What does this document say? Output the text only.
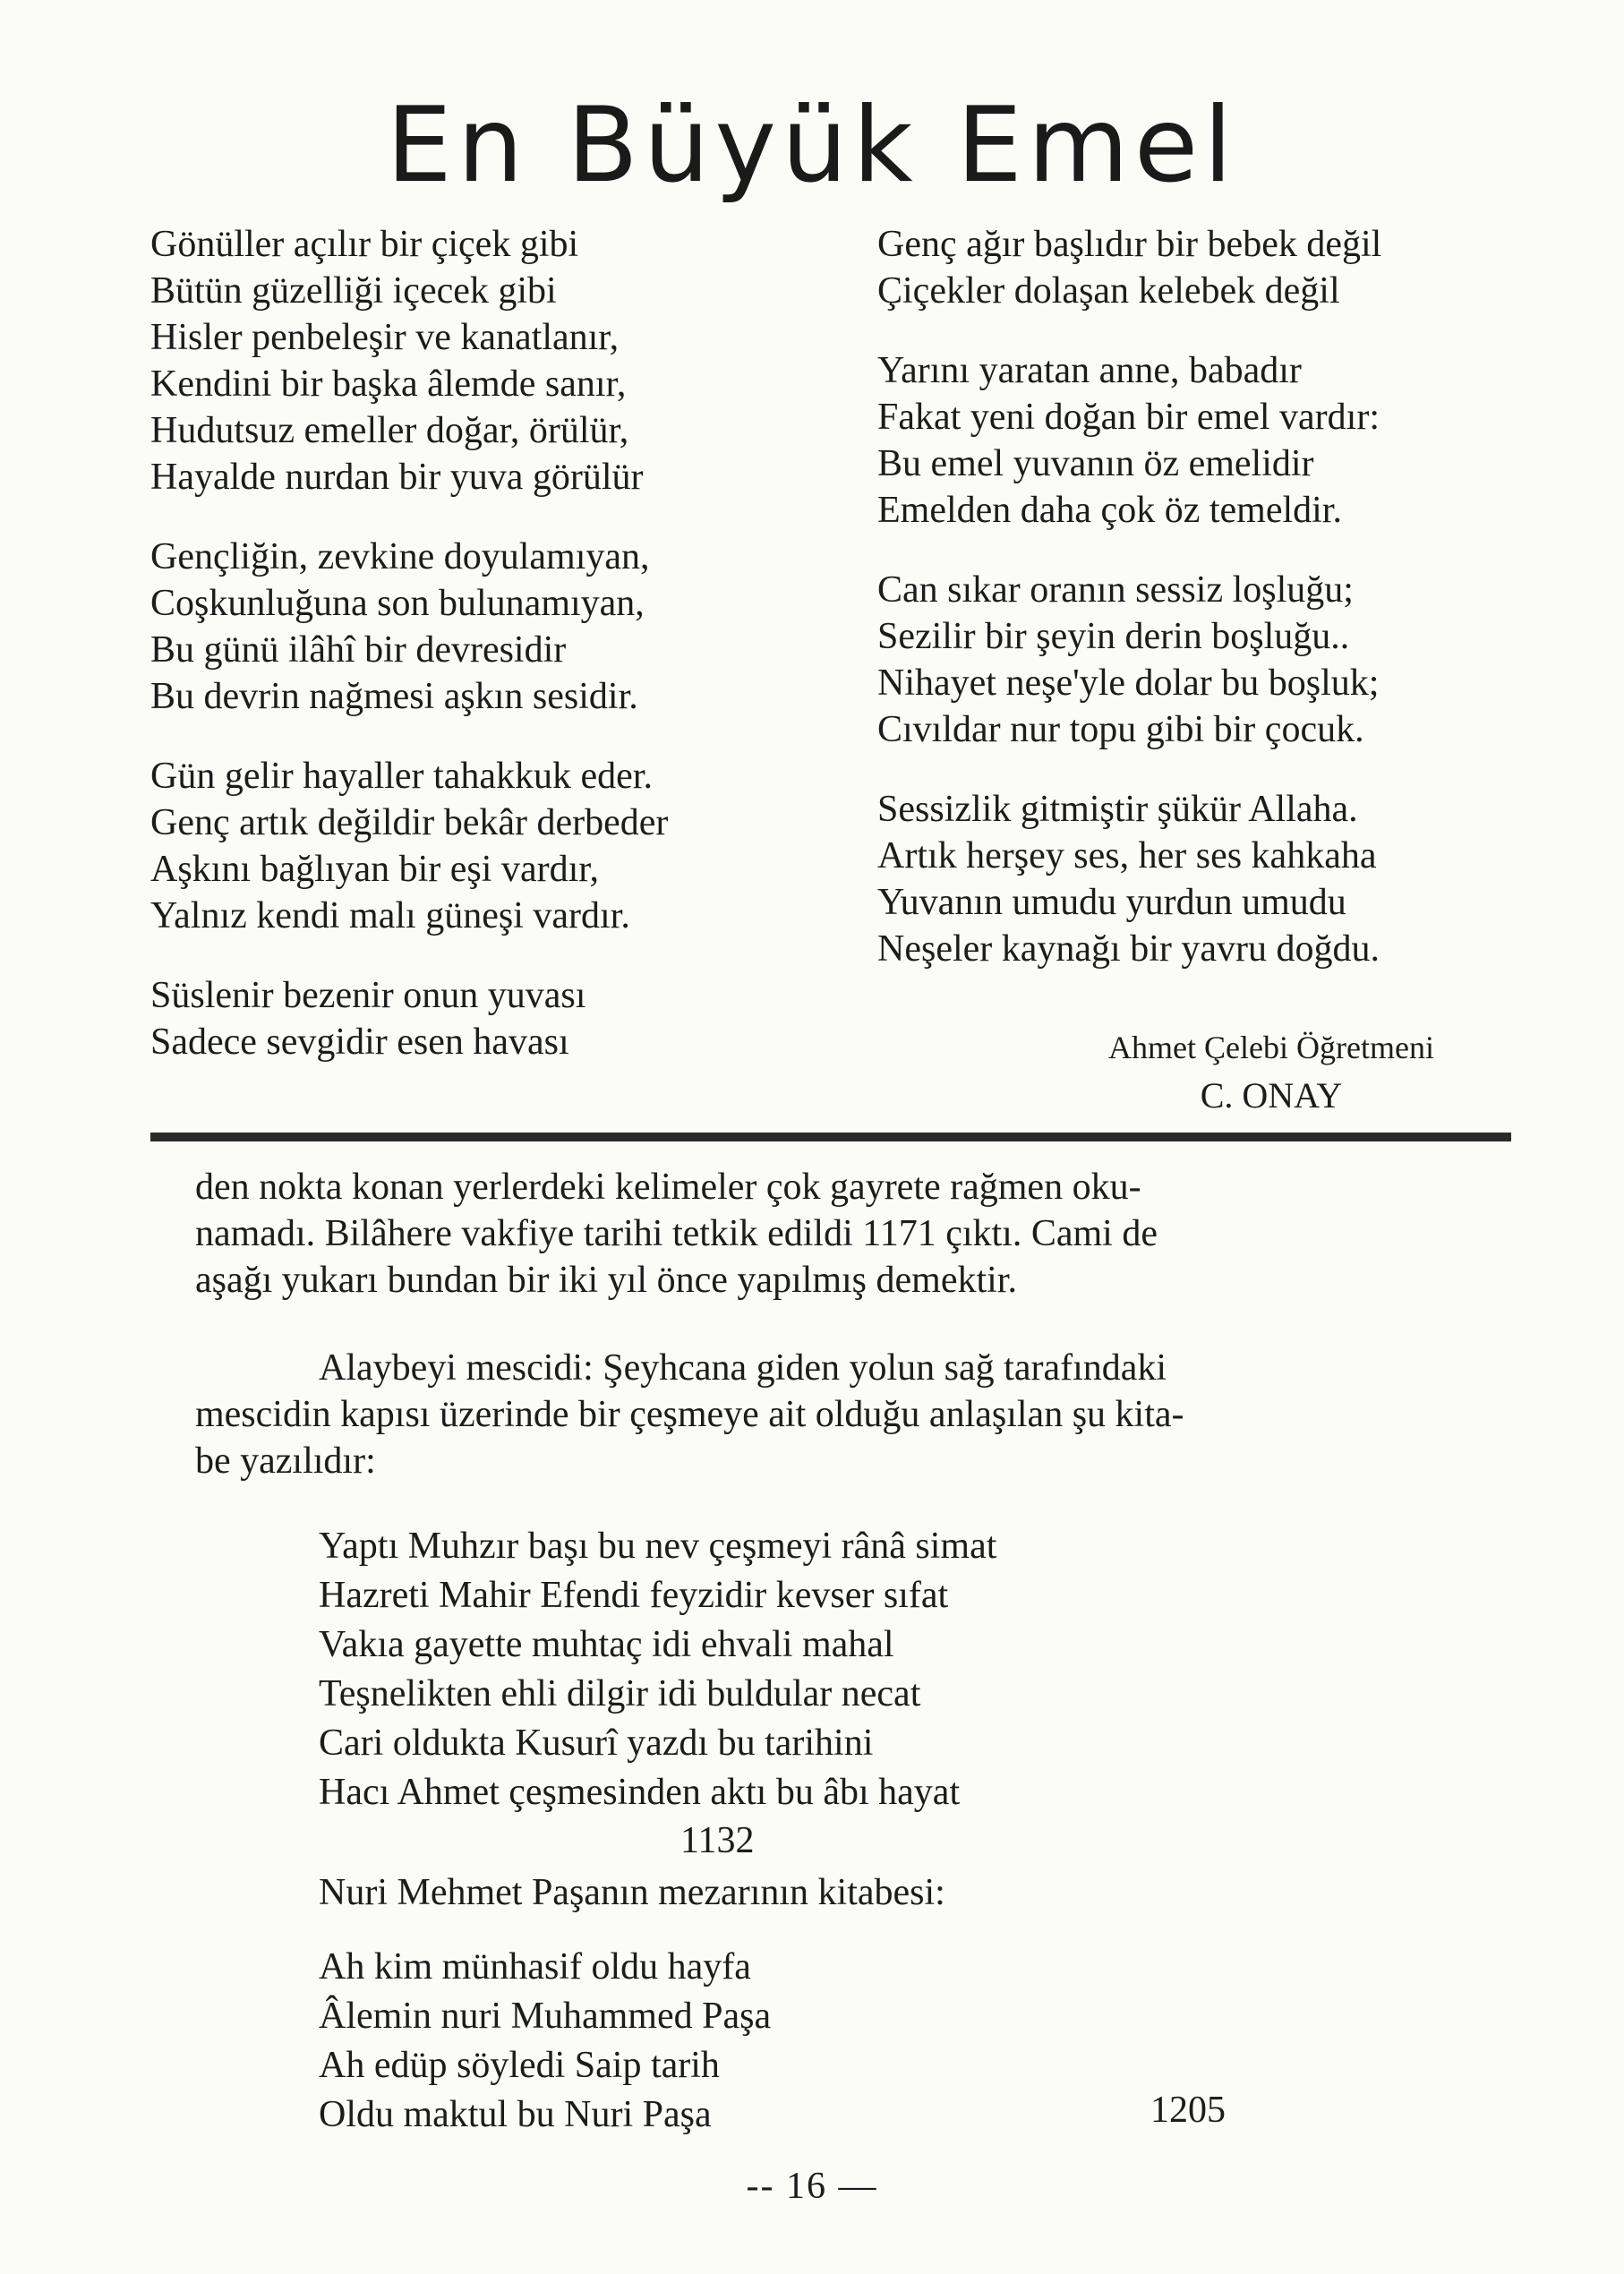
En Büyük Emel
Gönüller açılır bir çiçek gibi
Bütün güzelliği içecek gibi
Hisler penbeleşir ve kanatlanır,
Kendini bir başka âlemde sanır,
Hudutsuz emeller doğar, örülür,
Hayalde nurdan bir yuva görülür
Gençliğin, zevkine doyulamıyan,
Coşkunluğuna son bulunamıyan,
Bu günü ilâhî bir devresidir
Bu devrin nağmesi aşkın sesidir.
Gün gelir hayaller tahakkuk eder.
Genç artık değildir bekâr derbeder
Aşkını bağlıyan bir eşi vardır,
Yalnız kendi malı güneşi vardır.
Süslenir bezenir onun yuvası
Sadece sevgidir esen havası
Genç ağır başlıdır bir bebek değil
Çiçekler dolaşan kelebek değil
Yarını yaratan anne, babadır
Fakat yeni doğan bir emel vardır:
Bu emel yuvanın öz emelidir
Emelden daha çok öz temeldir.
Can sıkar oranın sessiz loşluğu;
Sezilir bir şeyin derin boşluğu..
Nihayet neşe'yle dolar bu boşluk;
Cıvıldar nur topu gibi bir çocuk.
Sessizlik gitmiştir şükür Allaha.
Artık herşey ses, her ses kahkaha
Yuvanın umudu yurdun umudu
Neşeler kaynağı bir yavru doğdu.
Ahmet Çelebi Öğretmeni
C. ONAY
den nokta konan yerlerdeki kelimeler çok gayrete rağmen oku-
namadı. Bilâhere vakfiye tarihi tetkik edildi 1171 çıktı. Cami de
aşağı yukarı bundan bir iki yıl önce yapılmış demektir.
Alaybeyi mescidi: Şeyhcana giden yolun sağ tarafındaki
mescidin kapısı üzerinde bir çeşmeye ait olduğu anlaşılan şu kita-
be yazılıdır:
Yaptı Muhzır başı bu nev çeşmeyi rânâ simat
Hazreti Mahir Efendi feyzidir kevser sıfat
Vakıa gayette muhtaç idi ehvali mahal
Teşnelikten ehli dilgir idi buldular necat
Cari oldukta Kusurî yazdı bu tarihini
Hacı Ahmet çeşmesinden aktı bu âbı hayat
1132
Nuri Mehmet Paşanın mezarının kitabesi:
Ah kim münhasif oldu hayfa
Âlemin nuri Muhammed Paşa
Ah edüp söyledi Saip tarih
Oldu maktul bu Nuri Paşa	1205
-- 16 —
